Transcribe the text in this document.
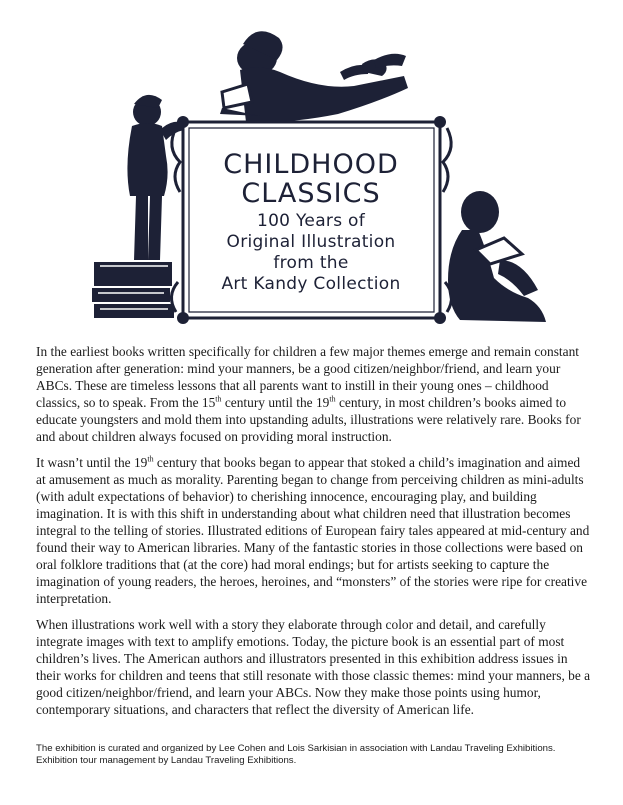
CHILDHOOD
CLASSICS
100 Years of
Original Illustration
from the
Art Kandy Collection

In the earliest books written specifically for children a few major themes emerge and remain constant generation after generation: mind your manners, be a good citizen/neighbor/friend, and learn your ABCs. These are timeless lessons that all parents want to instill in their young ones – childhood classics, so to speak. From the 15th century until the 19th century, in most children’s books aimed to educate youngsters and mold them into upstanding adults, illustrations were relatively rare. Books for and about children always focused on providing moral instruction.

It wasn’t until the 19th century that books began to appear that stoked a child’s imagination and aimed at amusement as much as morality. Parenting began to change from perceiving children as mini-adults (with adult expectations of behavior) to cherishing innocence, encouraging play, and building imagination. It is with this shift in understanding about what children need that illustration becomes integral to the telling of stories. Illustrated editions of European fairy tales appeared at mid-century and found their way to American libraries. Many of the fantastic stories in those collections were based on oral folklore traditions that (at the core) had moral endings; but for artists seeking to capture the imagination of young readers, the heroes, heroines, and “monsters” of the stories were ripe for creative interpretation.

When illustrations work well with a story they elaborate through color and detail, and carefully integrate images with text to amplify emotions. Today, the picture book is an essential part of most children’s lives. The American authors and illustrators presented in this exhibition address issues in their works for children and teens that still resonate with those classic themes: mind your manners, be a good citizen/neighbor/friend, and learn your ABCs. Now they make those points using humor, contemporary situations, and characters that reflect the diversity of American life.

The exhibition is curated and organized by Lee Cohen and Lois Sarkisian in association with Landau Traveling Exhibitions. Exhibition tour management by Landau Traveling Exhibitions.
